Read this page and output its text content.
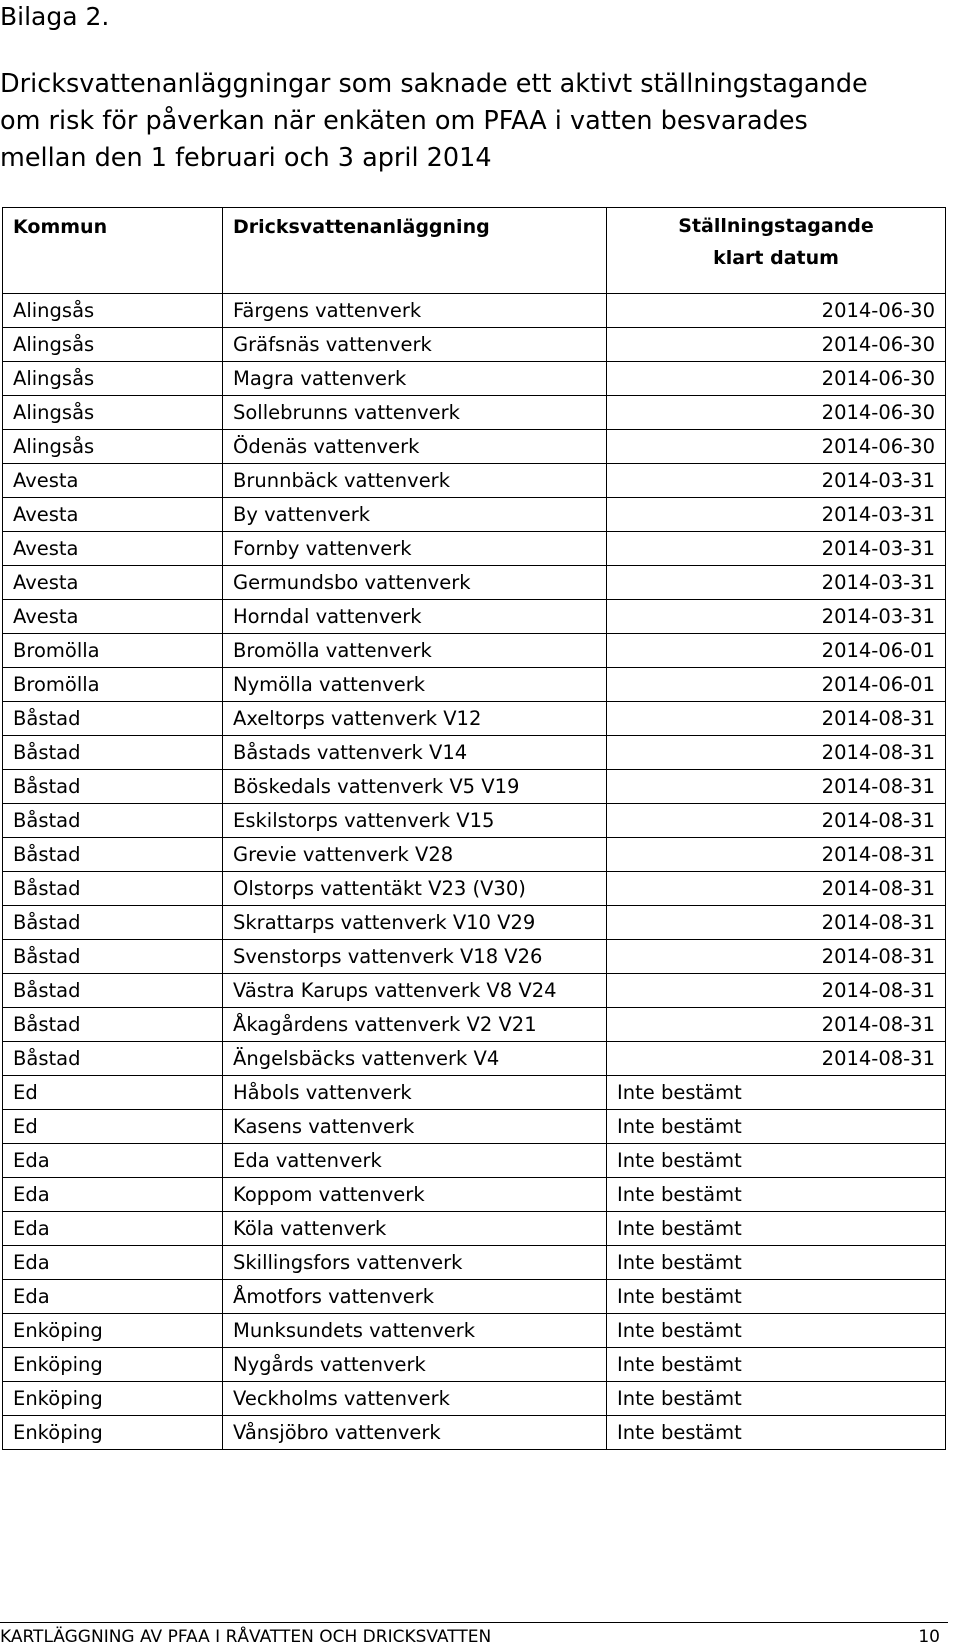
Bilaga 2.
Dricksvattenanläggningar som saknade ett aktivt ställningstagande
om risk för påverkan när enkäten om PFAA i vatten besvarades
mellan den 1 februari och 3 april 2014
Kommun	Dricksvattenanläggning	Ställningstagande
klart datum
Alingsås	Färgens vattenverk	2014-06-30
Alingsås	Gräfsnäs vattenverk	2014-06-30
Alingsås	Magra vattenverk	2014-06-30
Alingsås	Sollebrunns vattenverk	2014-06-30
Alingsås	Ödenäs vattenverk	2014-06-30
Avesta	Brunnbäck vattenverk	2014-03-31
Avesta	By vattenverk	2014-03-31
Avesta	Fornby vattenverk	2014-03-31
Avesta	Germundsbo vattenverk	2014-03-31
Avesta	Horndal vattenverk	2014-03-31
Bromölla	Bromölla vattenverk	2014-06-01
Bromölla	Nymölla vattenverk	2014-06-01
Båstad	Axeltorps vattenverk V12	2014-08-31
Båstad	Båstads vattenverk V14	2014-08-31
Båstad	Böskedals vattenverk V5 V19	2014-08-31
Båstad	Eskilstorps vattenverk V15	2014-08-31
Båstad	Grevie vattenverk V28	2014-08-31
Båstad	Olstorps vattentäkt V23 (V30)	2014-08-31
Båstad	Skrattarps vattenverk V10 V29	2014-08-31
Båstad	Svenstorps vattenverk V18 V26	2014-08-31
Båstad	Västra Karups vattenverk V8 V24	2014-08-31
Båstad	Åkagårdens vattenverk V2 V21	2014-08-31
Båstad	Ängelsbäcks vattenverk V4	2014-08-31
Ed	Håbols vattenverk	Inte bestämt
Ed	Kasens vattenverk	Inte bestämt
Eda	Eda vattenverk	Inte bestämt
Eda	Koppom vattenverk	Inte bestämt
Eda	Köla vattenverk	Inte bestämt
Eda	Skillingsfors vattenverk	Inte bestämt
Eda	Åmotfors vattenverk	Inte bestämt
Enköping	Munksundets vattenverk	Inte bestämt
Enköping	Nygårds vattenverk	Inte bestämt
Enköping	Veckholms vattenverk	Inte bestämt
Enköping	Vånsjöbro vattenverk	Inte bestämt
KARTLÄGGNING AV PFAA I RÅVATTEN OCH DRICKSVATTEN	10
